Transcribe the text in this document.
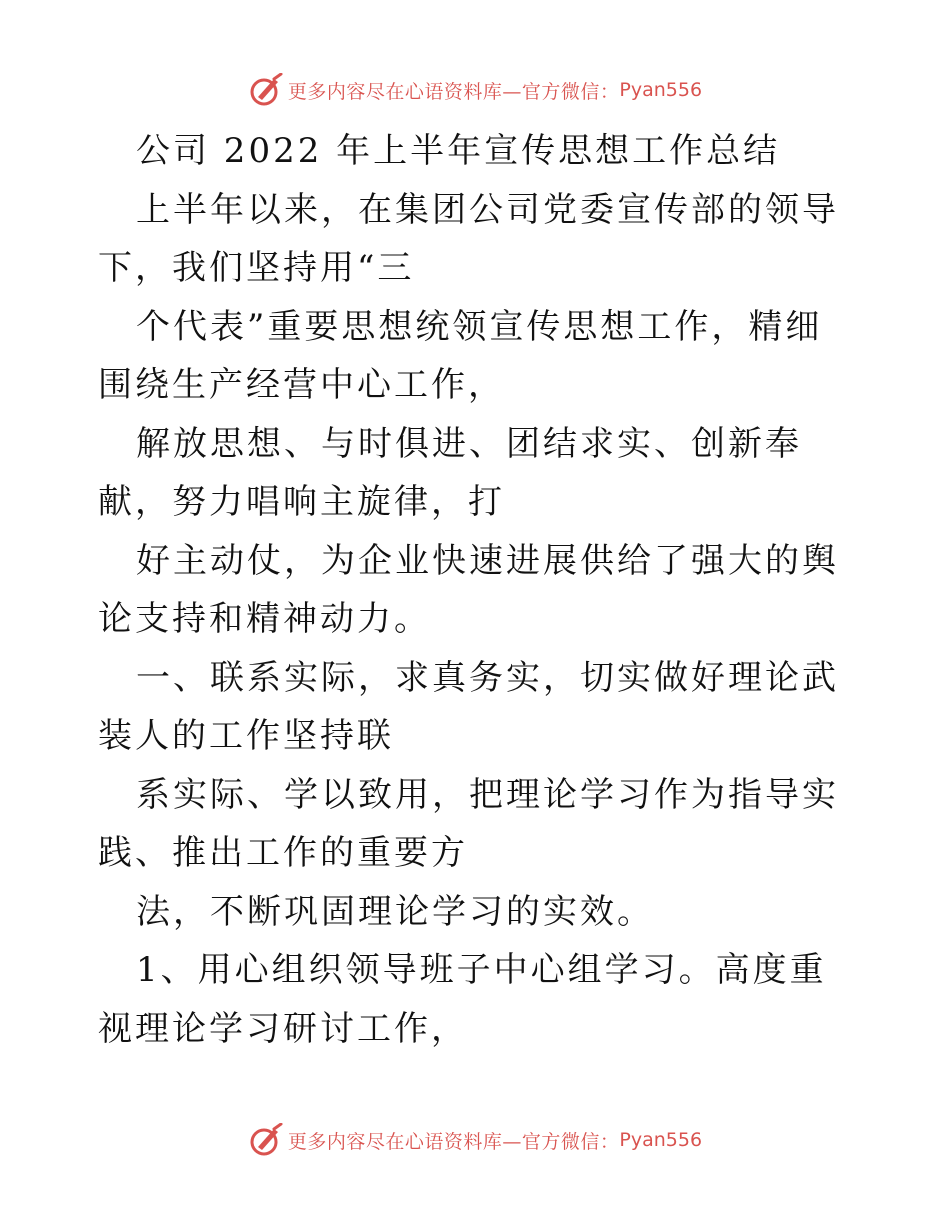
更多内容尽在心语资料库—官方微信： Pyan556

公司 2022 年上半年宣传思想工作总结

上半年以来，在集团公司党委宣传部的领导下，我们坚持用“三

个代表”重要思想统领宣传思想工作，精细围绕生产经营中心工作，

解放思想、与时俱进、团结求实、创新奉献，努力唱响主旋律，打

好主动仗，为企业快速进展供给了强大的舆论支持和精神动力。

一、联系实际，求真务实，切实做好理论武装人的工作坚持联

系实际、学以致用，把理论学习作为指导实践、推出工作的重要方

法，不断巩固理论学习的实效。

1、用心组织领导班子中心组学习。高度重视理论学习研讨工作，

更多内容尽在心语资料库—官方微信： Pyan556
